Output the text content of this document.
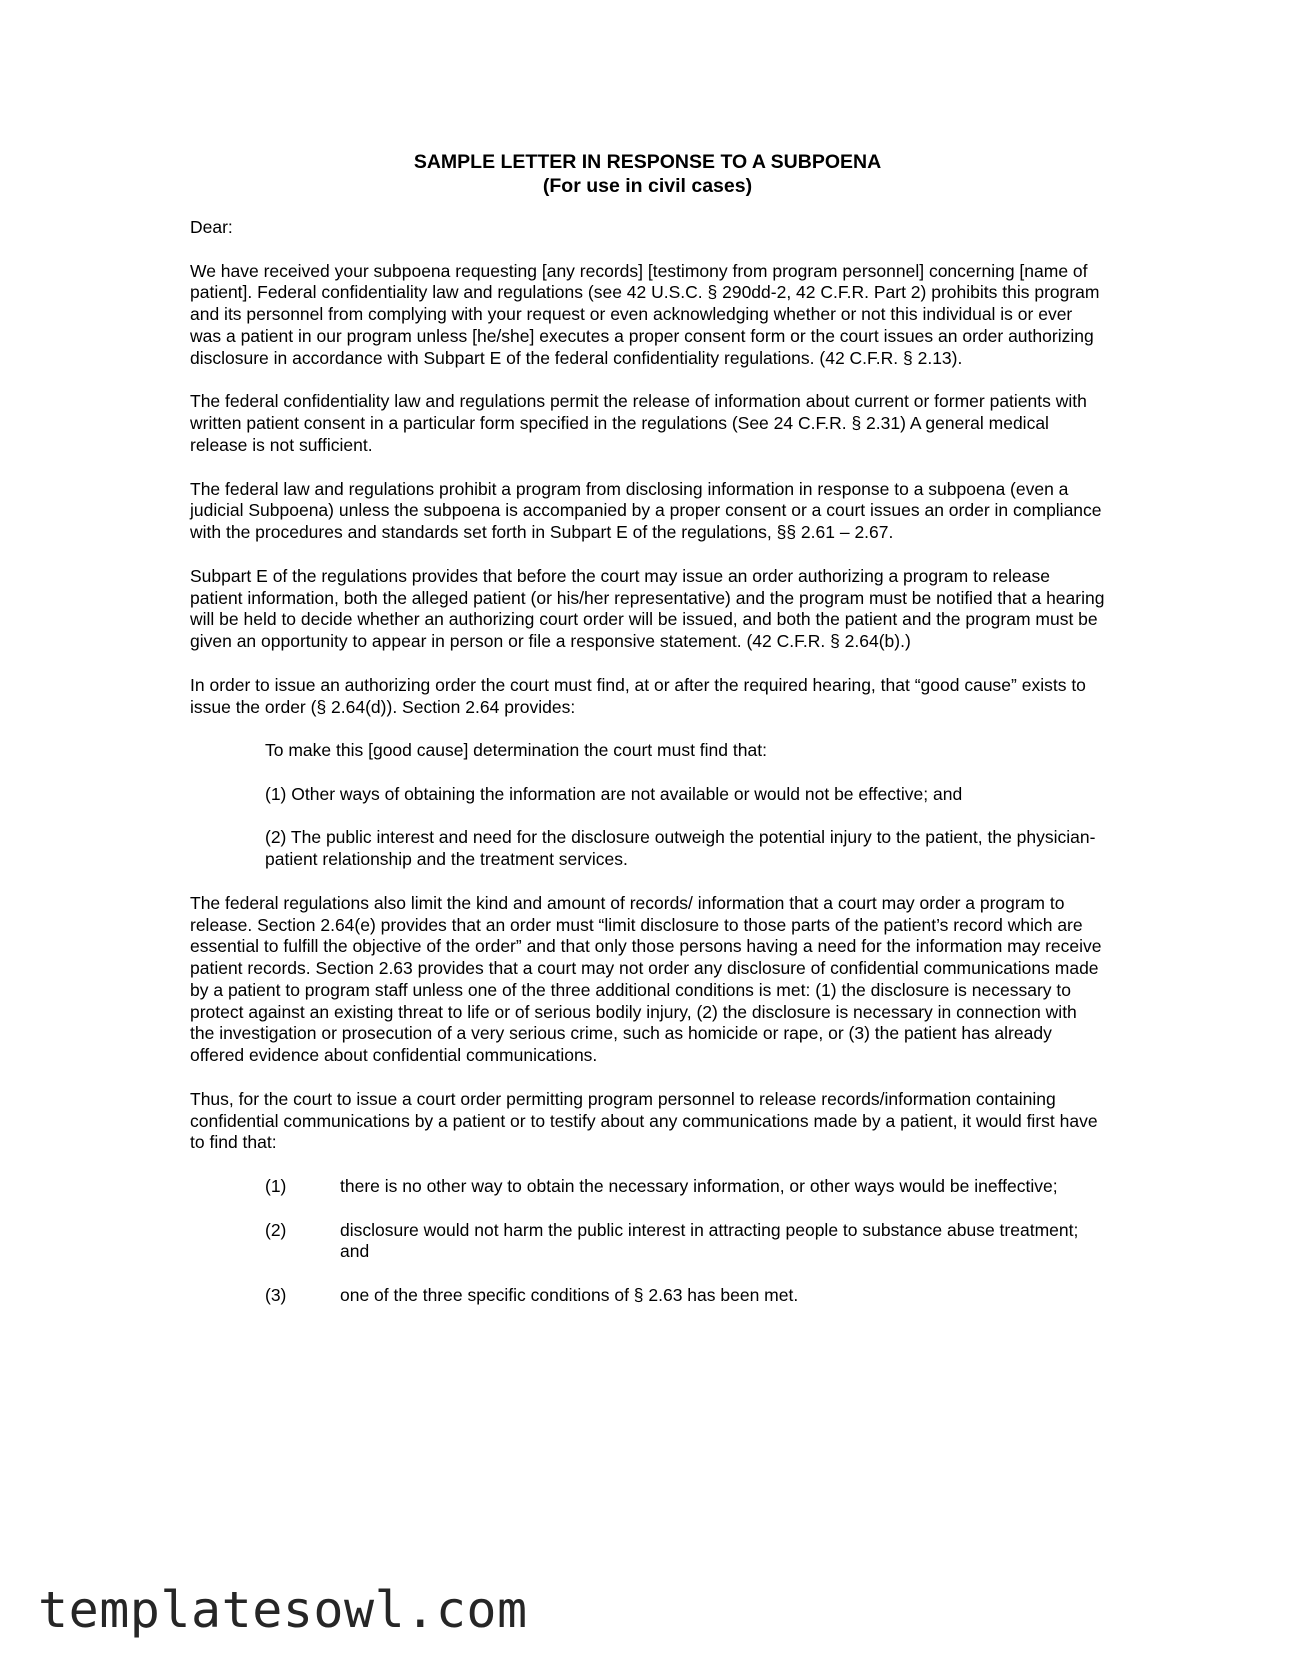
SAMPLE LETTER IN RESPONSE TO A SUBPOENA
(For use in civil cases)

Dear:

We have received your subpoena requesting [any records] [testimony from program personnel] concerning [name of patient]. Federal confidentiality law and regulations (see 42 U.S.C. § 290dd-2, 42 C.F.R. Part 2) prohibits this program and its personnel from complying with your request or even acknowledging whether or not this individual is or ever was a patient in our program unless [he/she] executes a proper consent form or the court issues an order authorizing disclosure in accordance with Subpart E of the federal confidentiality regulations. (42 C.F.R. § 2.13).

The federal confidentiality law and regulations permit the release of information about current or former patients with written patient consent in a particular form specified in the regulations (See 24 C.F.R. § 2.31) A general medical release is not sufficient.

The federal law and regulations prohibit a program from disclosing information in response to a subpoena (even a judicial Subpoena) unless the subpoena is accompanied by a proper consent or a court issues an order in compliance with the procedures and standards set forth in Subpart E of the regulations, §§ 2.61 – 2.67.

Subpart E of the regulations provides that before the court may issue an order authorizing a program to release patient information, both the alleged patient (or his/her representative) and the program must be notified that a hearing will be held to decide whether an authorizing court order will be issued, and both the patient and the program must be given an opportunity to appear in person or file a responsive statement. (42 C.F.R. § 2.64(b).)

In order to issue an authorizing order the court must find, at or after the required hearing, that “good cause” exists to issue the order (§ 2.64(d)). Section 2.64 provides:

To make this [good cause] determination the court must find that:

(1) Other ways of obtaining the information are not available or would not be effective; and

(2) The public interest and need for the disclosure outweigh the potential injury to the patient, the physician-patient relationship and the treatment services.

The federal regulations also limit the kind and amount of records/ information that a court may order a program to release. Section 2.64(e) provides that an order must “limit disclosure to those parts of the patient’s record which are essential to fulfill the objective of the order” and that only those persons having a need for the information may receive patient records. Section 2.63 provides that a court may not order any disclosure of confidential communications made by a patient to program staff unless one of the three additional conditions is met: (1) the disclosure is necessary to protect against an existing threat to life or of serious bodily injury, (2) the disclosure is necessary in connection with the investigation or prosecution of a very serious crime, such as homicide or rape, or (3) the patient has already offered evidence about confidential communications.

Thus, for the court to issue a court order permitting program personnel to release records/information containing confidential communications by a patient or to testify about any communications made by a patient, it would first have to find that:

(1)	there is no other way to obtain the necessary information, or other ways would be ineffective;
(2)	disclosure would not harm the public interest in attracting people to substance abuse treatment; and
(3)	one of the three specific conditions of § 2.63 has been met.
templatesowl.com
